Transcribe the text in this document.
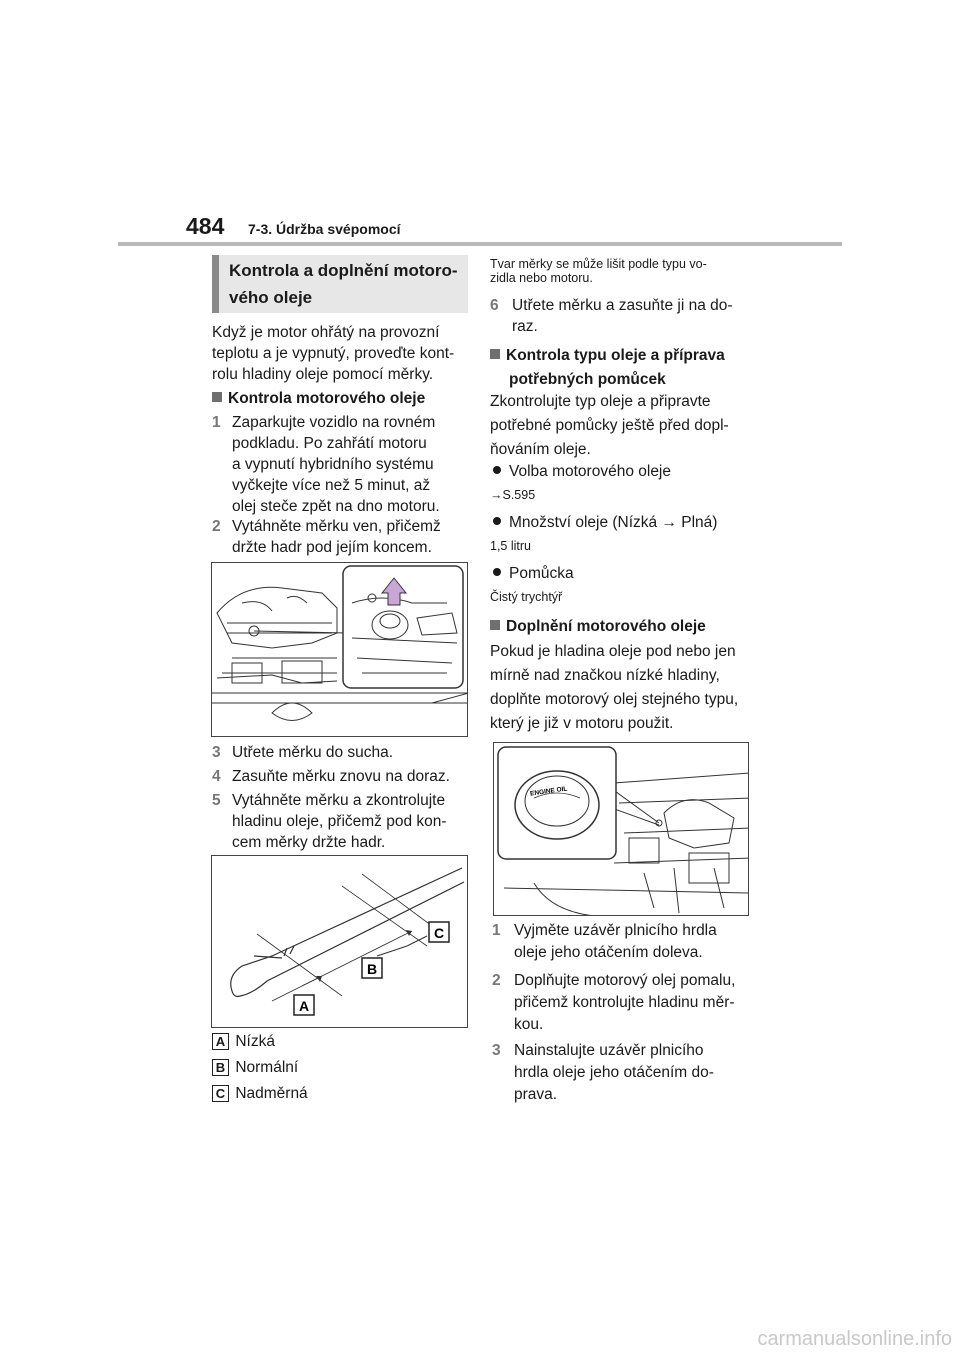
484 7-3. Údržba svépomocí
Kontrola a doplnění motoro-
vého oleje
Když je motor ohřátý na provozní
teplotu a je vypnutý, proveďte kont-
rolu hladiny oleje pomocí měrky.
Kontrola motorového oleje
1 Zaparkujte vozidlo na rovném
podkladu. Po zahřátí motoru
a vypnutí hybridního systému
vyčkejte více než 5 minut, až
olej steče zpět na dno motoru.
2 Vytáhněte měrku ven, přičemž
držte hadr pod jejím koncem.
3 Utřete měrku do sucha.
4 Zasuňte měrku znovu na doraz.
5 Vytáhněte měrku a zkontrolujte
hladinu oleje, přičemž pod kon-
cem měrky držte hadr.
A
B
C
A Nízká
B Normální
C Nadměrná
Tvar měrky se může lišit podle typu vo-
zidla nebo motoru.
6 Utřete měrku a zasuňte ji na do-
raz.
Kontrola typu oleje a příprava
potřebných pomůcek
Zkontrolujte typ oleje a připravte
potřebné pomůcky ještě před dopl-
ňováním oleje.
Volba motorového oleje
→S.595
Množství oleje (Nízká → Plná)
1,5 litru
Pomůcka
Čistý trychtýř
Doplnění motorového oleje
Pokud je hladina oleje pod nebo jen
mírně nad značkou nízké hladiny,
doplňte motorový olej stejného typu,
který je již v motoru použit.
ENGINE OIL
1 Vyjměte uzávěr plnicího hrdla
oleje jeho otáčením doleva.
2 Doplňujte motorový olej pomalu,
přičemž kontrolujte hladinu měr-
kou.
3 Nainstalujte uzávěr plnicího
hrdla oleje jeho otáčením do-
prava.
carmanualsonline.info
